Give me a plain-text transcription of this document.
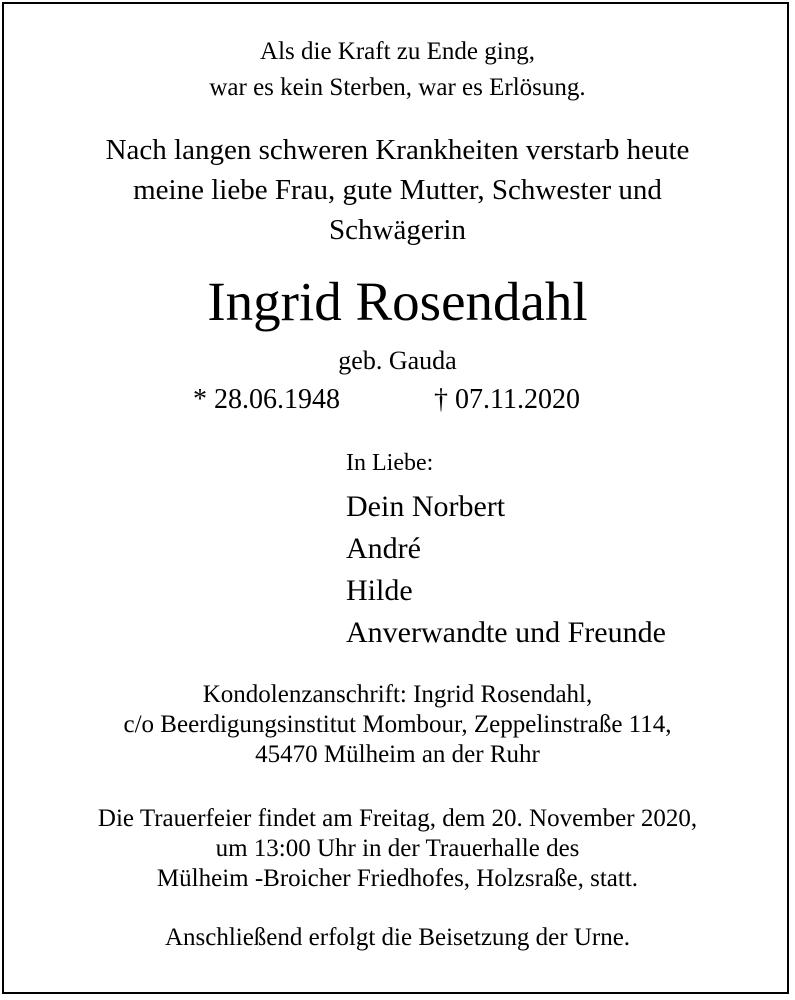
Als die Kraft zu Ende ging,
war es kein Sterben, war es Erlösung.
Nach langen schweren Krankheiten verstarb heute
meine liebe Frau, gute Mutter, Schwester und
Schwägerin
Ingrid Rosendahl
geb. Gauda
* 28.06.1948	† 07.11.2020
In Liebe:
Dein Norbert
André
Hilde
Anverwandte und Freunde
Kondolenzanschrift: Ingrid Rosendahl,
c/o Beerdigungsinstitut Mombour, Zeppelinstraße 114,
45470 Mülheim an der Ruhr
Die Trauerfeier findet am Freitag, dem 20. November 2020,
um 13:00 Uhr in der Trauerhalle des
Mülheim -Broicher Friedhofes, Holzsraße, statt.
Anschließend erfolgt die Beisetzung der Urne.
